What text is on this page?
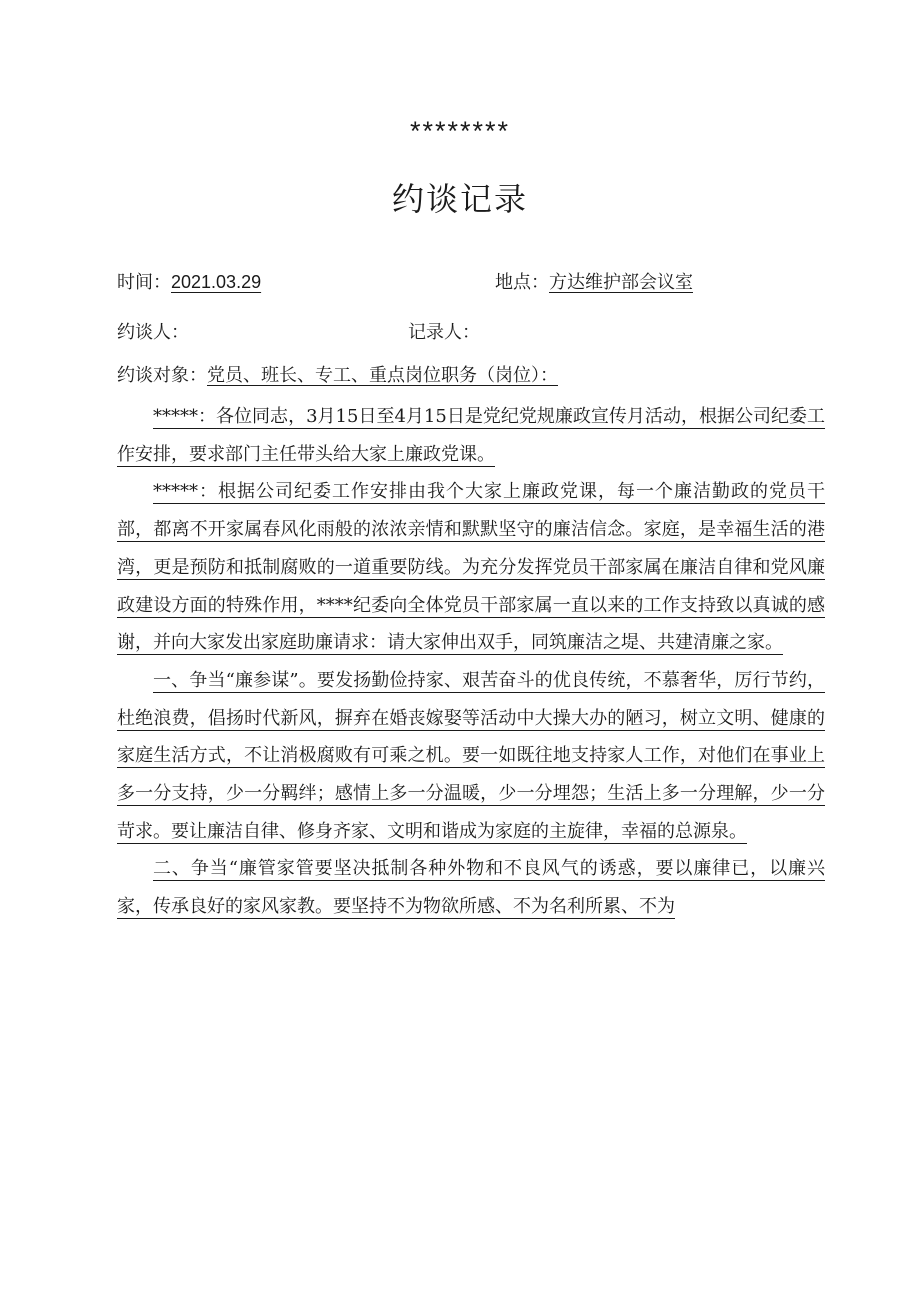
********
约谈记录
时间：2021.03.29	地点：方达维护部会议室
约谈人：	记录人：
约谈对象：党员、班长、专工、重点岗位职务（岗位）：

*****：各位同志，3月15日至4月15日是党纪党规廉政宣传月活动，根据公司纪委工作安排，要求部门主任带头给大家上廉政党课。

*****：根据公司纪委工作安排由我个大家上廉政党课，每一个廉洁勤政的党员干部，都离不开家属春风化雨般的浓浓亲情和默默坚守的廉洁信念。家庭，是幸福生活的港湾，更是预防和抵制腐败的一道重要防线。为充分发挥党员干部家属在廉洁自律和党风廉政建设方面的特殊作用，****纪委向全体党员干部家属一直以来的工作支持致以真诚的感谢，并向大家发出家庭助廉请求：请大家伸出双手，同筑廉洁之堤、共建清廉之家。

一、争当“廉参谋”。要发扬勤俭持家、艰苦奋斗的优良传统，不慕奢华，厉行节约，杜绝浪费，倡扬时代新风，摒弃在婚丧嫁娶等活动中大操大办的陋习，树立文明、健康的家庭生活方式，不让消极腐败有可乘之机。要一如既往地支持家人工作，对他们在事业上多一分支持，少一分羁绊；感情上多一分温暖，少一分埋怨；生活上多一分理解，少一分苛求。要让廉洁自律、修身齐家、文明和谐成为家庭的主旋律，幸福的总源泉。

二、争当“廉管家管要坚决抵制各种外物和不良风气的诱惑，要以廉律已，以廉兴家，传承良好的家风家教。要坚持不为物欲所感、不为名利所累、不为
